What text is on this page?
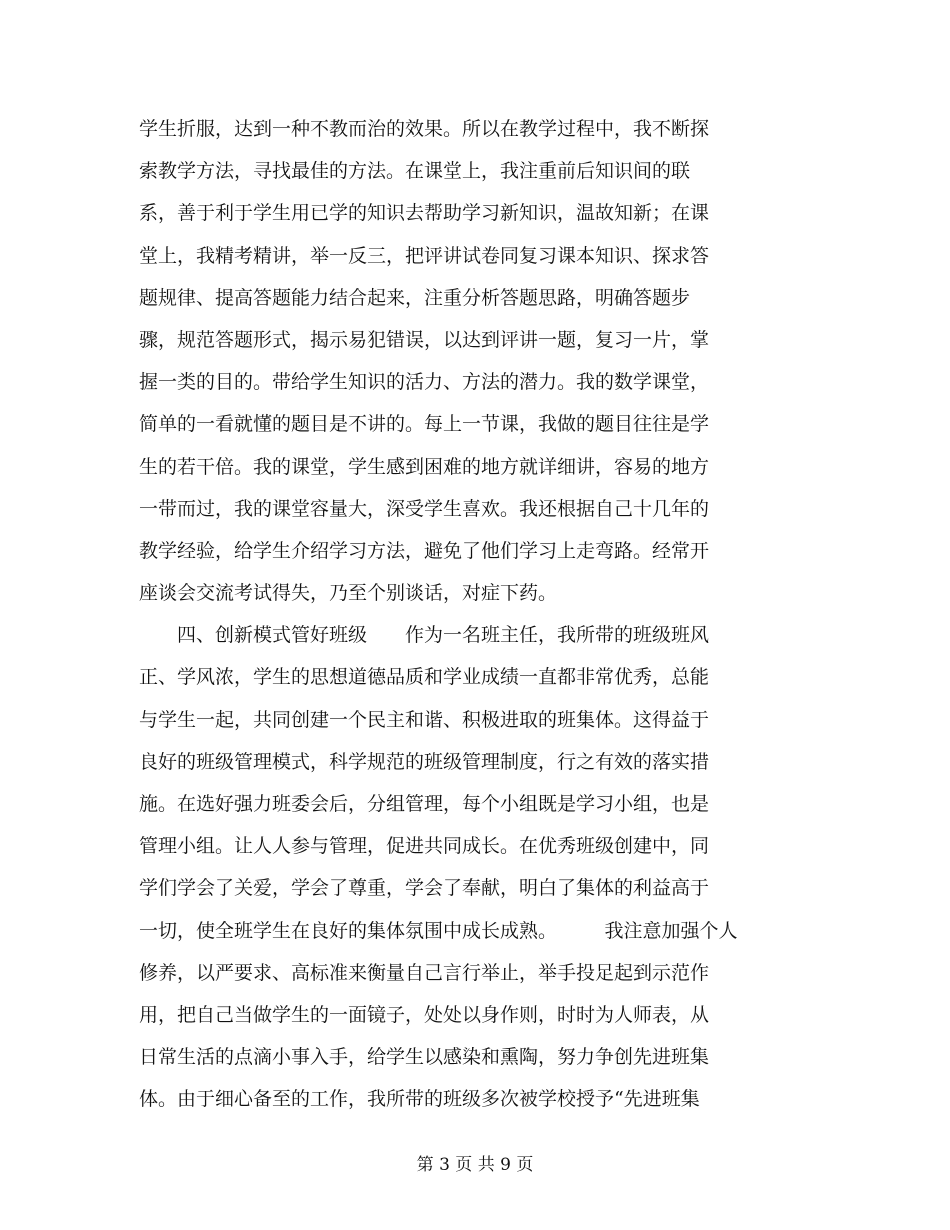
学生折服，达到一种不教而治的效果。所以在教学过程中，我不断探
索教学方法，寻找最佳的方法。在课堂上，我注重前后知识间的联
系，善于利于学生用已学的知识去帮助学习新知识，温故知新；在课
堂上，我精考精讲，举一反三，把评讲试卷同复习课本知识、探求答
题规律、提高答题能力结合起来，注重分析答题思路，明确答题步
骤，规范答题形式，揭示易犯错误，以达到评讲一题，复习一片，掌
握一类的目的。带给学生知识的活力、方法的潜力。我的数学课堂，
简单的一看就懂的题目是不讲的。每上一节课，我做的题目往往是学
生的若干倍。我的课堂，学生感到困难的地方就详细讲，容易的地方
一带而过，我的课堂容量大，深受学生喜欢。我还根据自己十几年的
教学经验，给学生介绍学习方法，避免了他们学习上走弯路。经常开
座谈会交流考试得失，乃至个别谈话，对症下药。
　　四、创新模式管好班级　　作为一名班主任，我所带的班级班风
正、学风浓，学生的思想道德品质和学业成绩一直都非常优秀，总能
与学生一起，共同创建一个民主和谐、积极进取的班集体。这得益于
良好的班级管理模式，科学规范的班级管理制度，行之有效的落实措
施。在选好强力班委会后，分组管理，每个小组既是学习小组，也是
管理小组。让人人参与管理，促进共同成长。在优秀班级创建中，同
学们学会了关爱，学会了尊重，学会了奉献，明白了集体的利益高于
一切，使全班学生在良好的集体氛围中成长成熟。　　　我注意加强个人
修养，以严要求、高标准来衡量自己言行举止，举手投足起到示范作
用，把自己当做学生的一面镜子，处处以身作则，时时为人师表，从
日常生活的点滴小事入手，给学生以感染和熏陶，努力争创先进班集
体。由于细心备至的工作，我所带的班级多次被学校授予“先进班集
第 3 页 共 9 页
